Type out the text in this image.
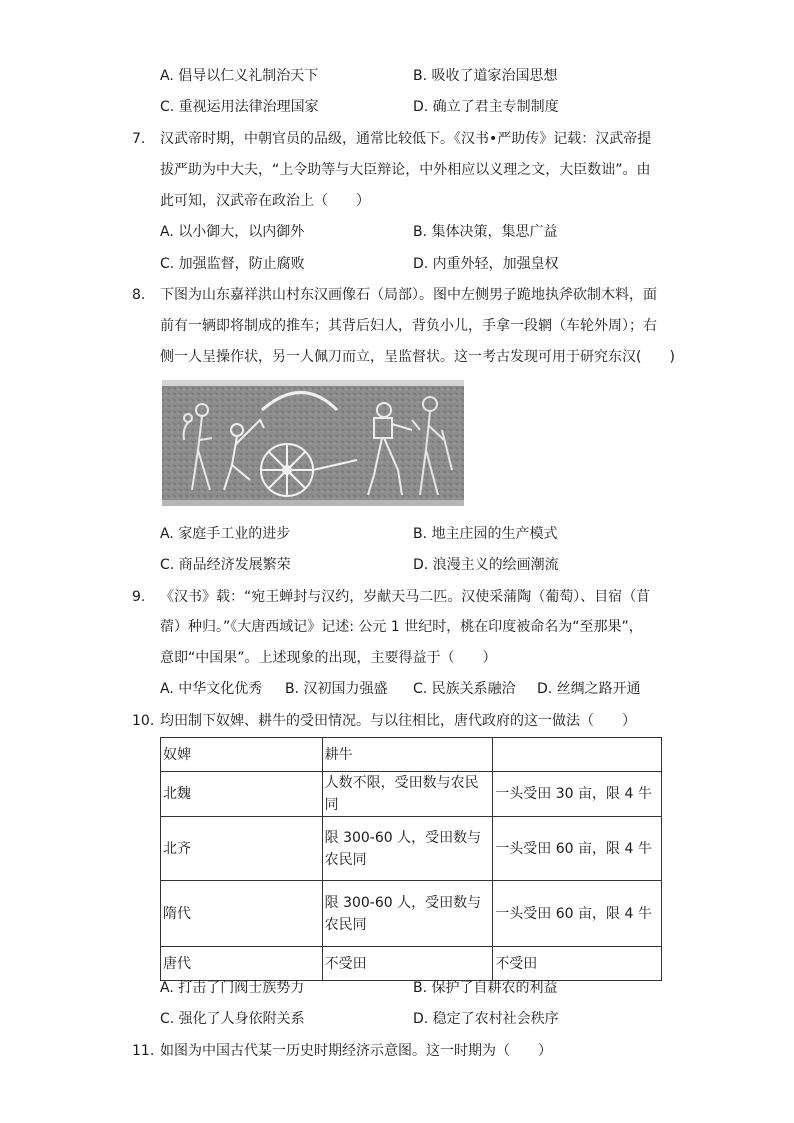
A. 倡导以仁义礼制治天下	B. 吸收了道家治国思想
C. 重视运用法律治理国家	D. 确立了君主专制制度
7. 汉武帝时期，中朝官员的品级，通常比较低下。《汉书•严助传》记载：汉武帝提
拔严助为中大夫，“上令助等与大臣辩论，中外相应以义理之文，大臣数诎”。由
此可知，汉武帝在政治上（　　）
A. 以小御大，以内御外	B. 集体决策，集思广益
C. 加强监督，防止腐败	D. 内重外轻，加强皇权
8. 下图为山东嘉祥洪山村东汉画像石（局部）。图中左侧男子跪地执斧砍制木料，面
前有一辆即将制成的推车；其背后妇人，背负小儿，手拿一段辋（车轮外周）；右
侧一人呈操作状，另一人佩刀而立，呈监督状。这一考古发现可用于研究东汉(　　)
A. 家庭手工业的进步	B. 地主庄园的生产模式
C. 商品经济发展繁荣	D. 浪漫主义的绘画潮流
9. 《汉书》载：“宛王蝉封与汉约，岁献天马二匹。汉使采蒲陶（葡萄）、目宿（苜
蓿）种归。”《大唐西域记》记述: 公元 1 世纪时，桃在印度被命名为“至那果”，
意即“中国果”。上述现象的出现，主要得益于（　　）
A. 中华文化优秀 B. 汉初国力强盛 C. 民族关系融洽 D. 丝绸之路开通
10. 均田制下奴婢、耕牛的受田情况。与以往相比，唐代政府的这一做法（　　）
奴婢	耕牛	
北魏	人数不限，受田数与农民同	一头受田 30 亩，限 4 牛
北齐	限 300-60 人，受田数与农民同	一头受田 60 亩，限 4 牛
隋代	限 300-60 人，受田数与农民同	一头受田 60 亩，限 4 牛
唐代	不受田	不受田
A. 打击了门阀士族势力	B. 保护了自耕农的利益
C. 强化了人身依附关系	D. 稳定了农村社会秩序
11. 如图为中国古代某一历史时期经济示意图。这一时期为（　　）
